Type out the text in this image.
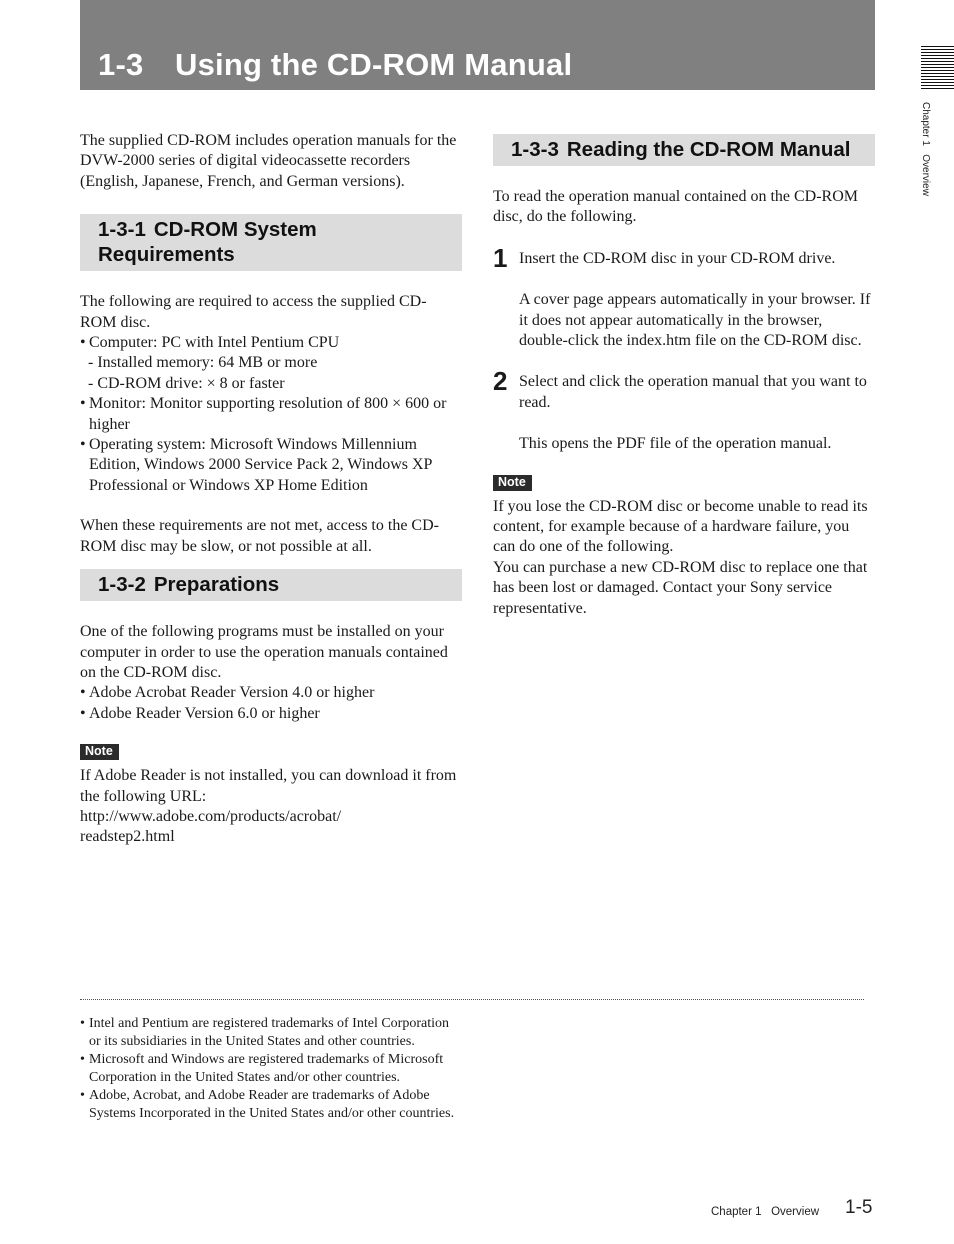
1-3 Using the CD-ROM Manual
Chapter 1   Overview

The supplied CD-ROM includes operation manuals for the DVW-2000 series of digital videocassette recorders (English, Japanese, French, and German versions).

1-3-1 CD-ROM System Requirements

The following are required to access the supplied CD-ROM disc.

• Computer: PC with Intel Pentium CPU
- Installed memory: 64 MB or more
- CD-ROM drive: × 8 or faster
• Monitor: Monitor supporting resolution of 800 × 600 or higher
• Operating system: Microsoft Windows Millennium Edition, Windows 2000 Service Pack 2, Windows XP Professional or Windows XP Home Edition

When these requirements are not met, access to the CD-ROM disc may be slow, or not possible at all.

1-3-2 Preparations

One of the following programs must be installed on your computer in order to use the operation manuals contained on the CD-ROM disc.

• Adobe Acrobat Reader Version 4.0 or higher
• Adobe Reader Version 6.0 or higher
Note

If Adobe Reader is not installed, you can download it from the following URL:

http://www.adobe.com/products/acrobat/

readstep2.html

1-3-3 Reading the CD-ROM Manual

To read the operation manual contained on the CD-ROM disc, do the following.

1 Insert the CD-ROM disc in your CD-ROM drive.

A cover page appears automatically in your browser. If it does not appear automatically in the browser, double-click the index.htm file on the CD-ROM disc.

2 Select and click the operation manual that you want to read.

This opens the PDF file of the operation manual.

Note

If you lose the CD-ROM disc or become unable to read its content, for example because of a hardware failure, you can do one of the following.

You can purchase a new CD-ROM disc to replace one that has been lost or damaged. Contact your Sony service representative.

• Intel and Pentium are registered trademarks of Intel Corporation or its subsidiaries in the United States and other countries.
• Microsoft and Windows are registered trademarks of Microsoft Corporation in the United States and/or other countries.
• Adobe, Acrobat, and Adobe Reader are trademarks of Adobe Systems Incorporated in the United States and/or other countries.
Chapter 1   Overview 1-5
